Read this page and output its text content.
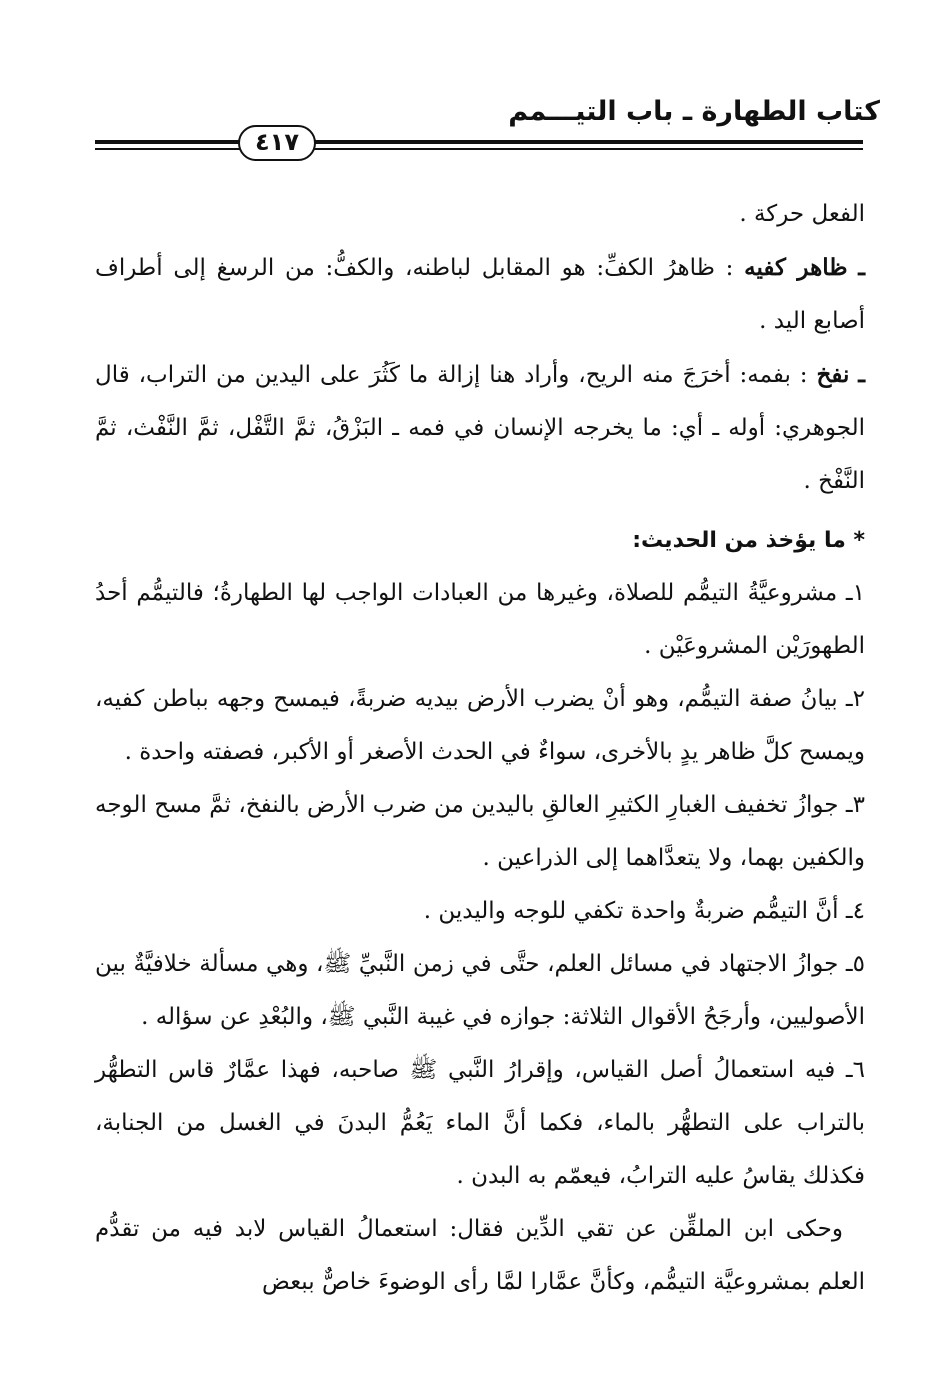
كتاب الطهارة ـ باب التيـــمم
٤١٧

الفعل حركة .

ـ ظاهر كفيه : ظاهرُ الكفِّ: هو المقابل لباطنه، والكفُّ: من الرسغ إلى أطراف أصابع اليد .

ـ نفخ : بفمه: أخرَجَ منه الريح، وأراد هنا إزالة ما كَثُرَ على اليدين من التراب، قال الجوهري: أوله ـ أي: ما يخرجه الإنسان في فمه ـ البَزْقُ، ثمَّ التَّفْل، ثمَّ النَّفْث، ثمَّ النَّفْخ .

* ما يؤخذ من الحديث:

١ـ مشروعيَّةُ التيمُّم للصلاة، وغيرها من العبادات الواجب لها الطهارةُ؛ فالتيمُّم أحدُ الطهورَيْن المشروعَيْن .

٢ـ بيانُ صفة التيمُّم، وهو أنْ يضرب الأرض بيديه ضربةً، فيمسح وجهه بباطن كفيه، ويمسح كلَّ ظاهر يدٍ بالأخرى، سواءٌ في الحدث الأصغر أو الأكبر، فصفته واحدة .

٣ـ جوازُ تخفيف الغبارِ الكثيرِ العالقِ باليدين من ضرب الأرض بالنفخ، ثمَّ مسح الوجه والكفين بهما، ولا يتعدَّاهما إلى الذراعين .

٤ـ أنَّ التيمُّم ضربةٌ واحدة تكفي للوجه واليدين .

٥ـ جوازُ الاجتهاد في مسائل العلم، حتَّى في زمن النَّبيِّ ﷺ، وهي مسألة خلافيَّةٌ بين الأصوليين، وأرجَحُ الأقوال الثلاثة: جوازه في غيبة النَّبي ﷺ، والبُعْدِ عن سؤاله .

٦ـ فيه استعمالُ أصل القياس، وإقرارُ النَّبي ﷺ صاحبه، فهذا عمَّارٌ قاس التطهُّر بالتراب على التطهُّر بالماء، فكما أنَّ الماء يَعُمُّ البدنَ في الغسل من الجنابة، فكذلك يقاسُ عليه الترابُ، فيعمّم به البدن .

وحكى ابن الملقِّن عن تقي الدِّين فقال: استعمالُ القياس لابد فيه من تقدُّم العلم بمشروعيَّة التيمُّم، وكأنَّ عمَّارا لمَّا رأى الوضوءَ خاصٌّ ببعض
